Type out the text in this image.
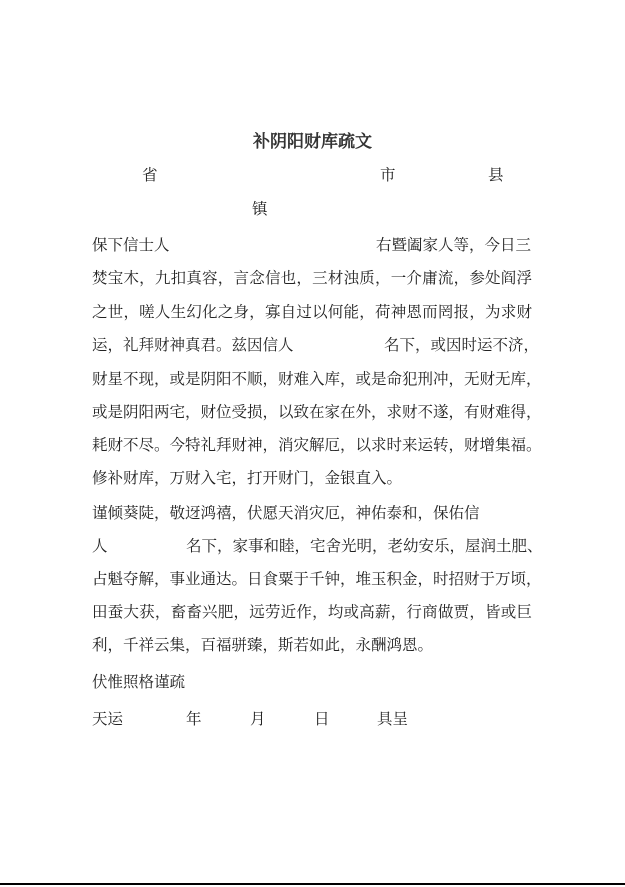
补阴阳财库疏文
省	市	县
镇
保下信士人	右暨阖家人等，今日三
焚宝木，九扣真容，言念信也，三材浊质，一介庸流，参处阎浮
之世，嗟人生幻化之身，寡自过以何能，荷神恩而罔报，为求财
运，礼拜财神真君。兹因信人	名下，或因时运不济，
财星不现，或是阴阳不顺，财难入库，或是命犯刑冲，无财无库，
或是阴阳两宅，财位受损，以致在家在外，求财不遂，有财难得，
耗财不尽。今特礼拜财神，消灾解厄，以求时来运转，财增集福。
修补财库，万财入宅，打开财门，金银直入。
谨倾葵陡，敬迓鸿禧，伏愿天消灾厄，神佑泰和，保佑信
人	名下，家事和睦，宅舍光明，老幼安乐，屋润土肥、
占魁夺解，事业通达。日食粟于千钟，堆玉积金，时招财于万顷，
田蚕大获，畜畜兴肥，远劳近作，均或高薪，行商做贾，皆或巨
利，千祥云集，百福骈臻，斯若如此，永酬鸿恩。
伏惟照格谨疏
天运	年	月	日	具呈
